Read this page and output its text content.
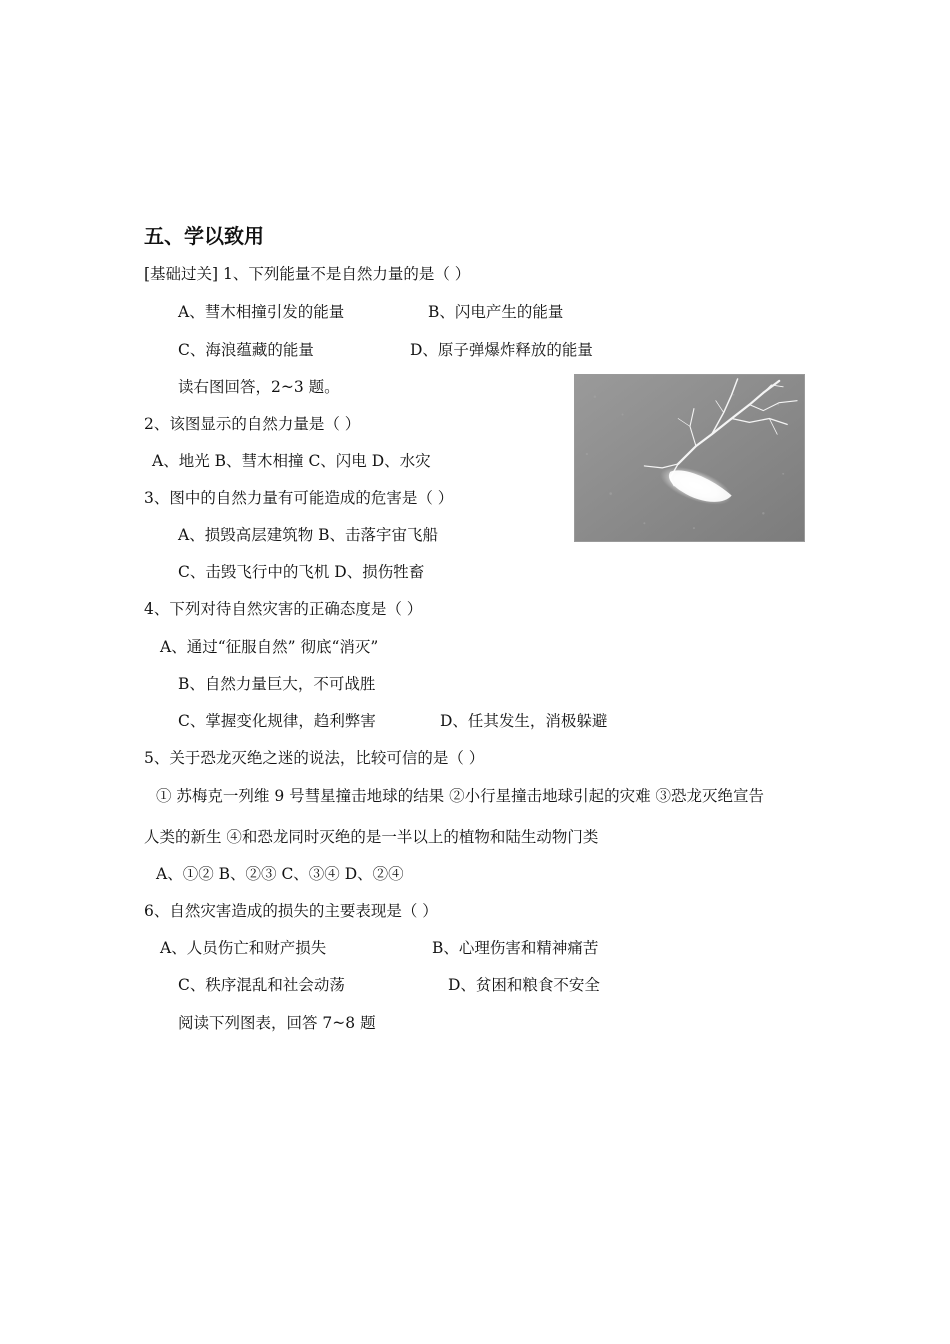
五、学以致用
[基础过关] 1、下列能量不是自然力量的是（ ）
A、彗木相撞引发的能量	B、闪电产生的能量
C、海浪蕴藏的能量	D、原子弹爆炸释放的能量
读右图回答，2~3 题。
2、该图显示的自然力量是（ ）
A、地光 B、彗木相撞 C、闪电 D、水灾
3、图中的自然力量有可能造成的危害是（ ）
A、损毁高层建筑物 B、击落宇宙飞船
C、击毁飞行中的飞机 D、损伤牲畜
4、下列对待自然灾害的正确态度是（ ）
A、通过“征服自然” 彻底“消灭”
B、自然力量巨大，不可战胜
C、掌握变化规律，趋利弊害	D、任其发生，消极躲避
5、关于恐龙灭绝之迷的说法，比较可信的是（ ）
① 苏梅克一列维 9 号彗星撞击地球的结果 ②小行星撞击地球引起的灾难 ③恐龙灭绝宣告
人类的新生 ④和恐龙同时灭绝的是一半以上的植物和陆生动物门类
A、①② B、②③ C、③④ D、②④
6、自然灾害造成的损失的主要表现是（ ）
A、人员伤亡和财产损失	B、心理伤害和精神痛苦
C、秩序混乱和社会动荡	D、贫困和粮食不安全
阅读下列图表，回答 7~8 题
